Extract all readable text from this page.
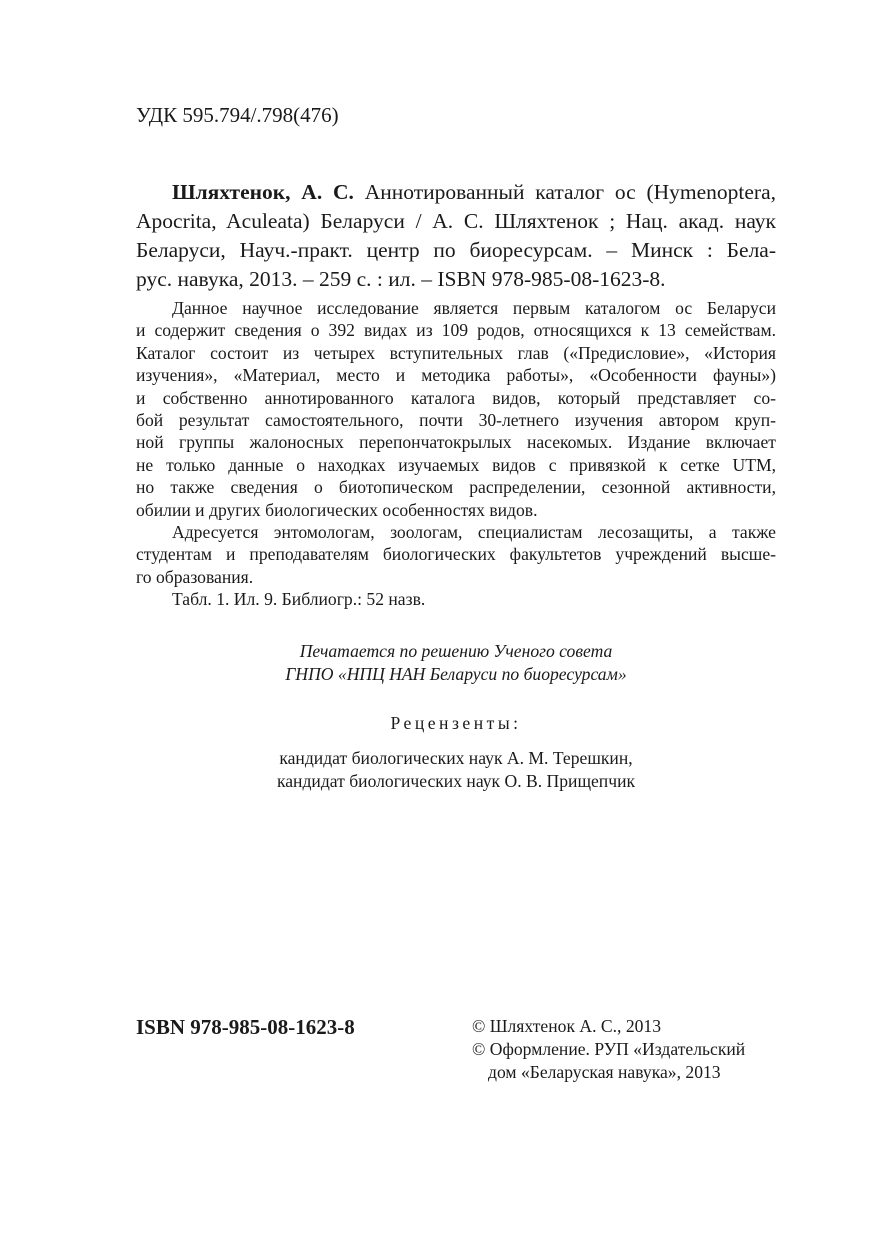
УДК 595.794/.798(476)
Шляхтенок, А. С. Аннотированный каталог ос (Hymenoptera,
Apocrita, Aculeata) Беларуси / А. С. Шляхтенок ; Нац. акад. наук
Беларуси, Науч.-практ. центр по биоресурсам. – Минск : Бела-
рус. навука, 2013. – 259 с. : ил. – ISBN 978-985-08-1623-8.
Данное научное исследование является первым каталогом ос Беларуси
и содержит сведения о 392 видах из 109 родов, относящихся к 13 семействам.
Каталог состоит из четырех вступительных глав («Предисловие», «История
изучения», «Материал, место и методика работы», «Особенности фауны»)
и собственно аннотированного каталога видов, который представляет со-
бой результат самостоятельного, почти 30-летнего изучения автором круп-
ной группы жалоносных перепончатокрылых насекомых. Издание включает
не только данные о находках изучаемых видов с привязкой к сетке UTM,
но также сведения о биотопическом распределении, сезонной активности,
обилии и других биологических особенностях видов.
Адресуется энтомологам, зоологам, специалистам лесозащиты, а также
студентам и преподавателям биологических факультетов учреждений высше-
го образования.
Табл. 1. Ил. 9. Библиогр.: 52 назв.
Печатается по решению Ученого совета
ГНПО «НПЦ НАН Беларуси по биоресурсам»
Рецензенты:
кандидат биологических наук А. М. Терешкин,
кандидат биологических наук О. В. Прищепчик
ISBN 978-985-08-1623-8	© Шляхтенок А. С., 2013
© Оформление. РУП «Издательский
дом «Беларуская навука», 2013
